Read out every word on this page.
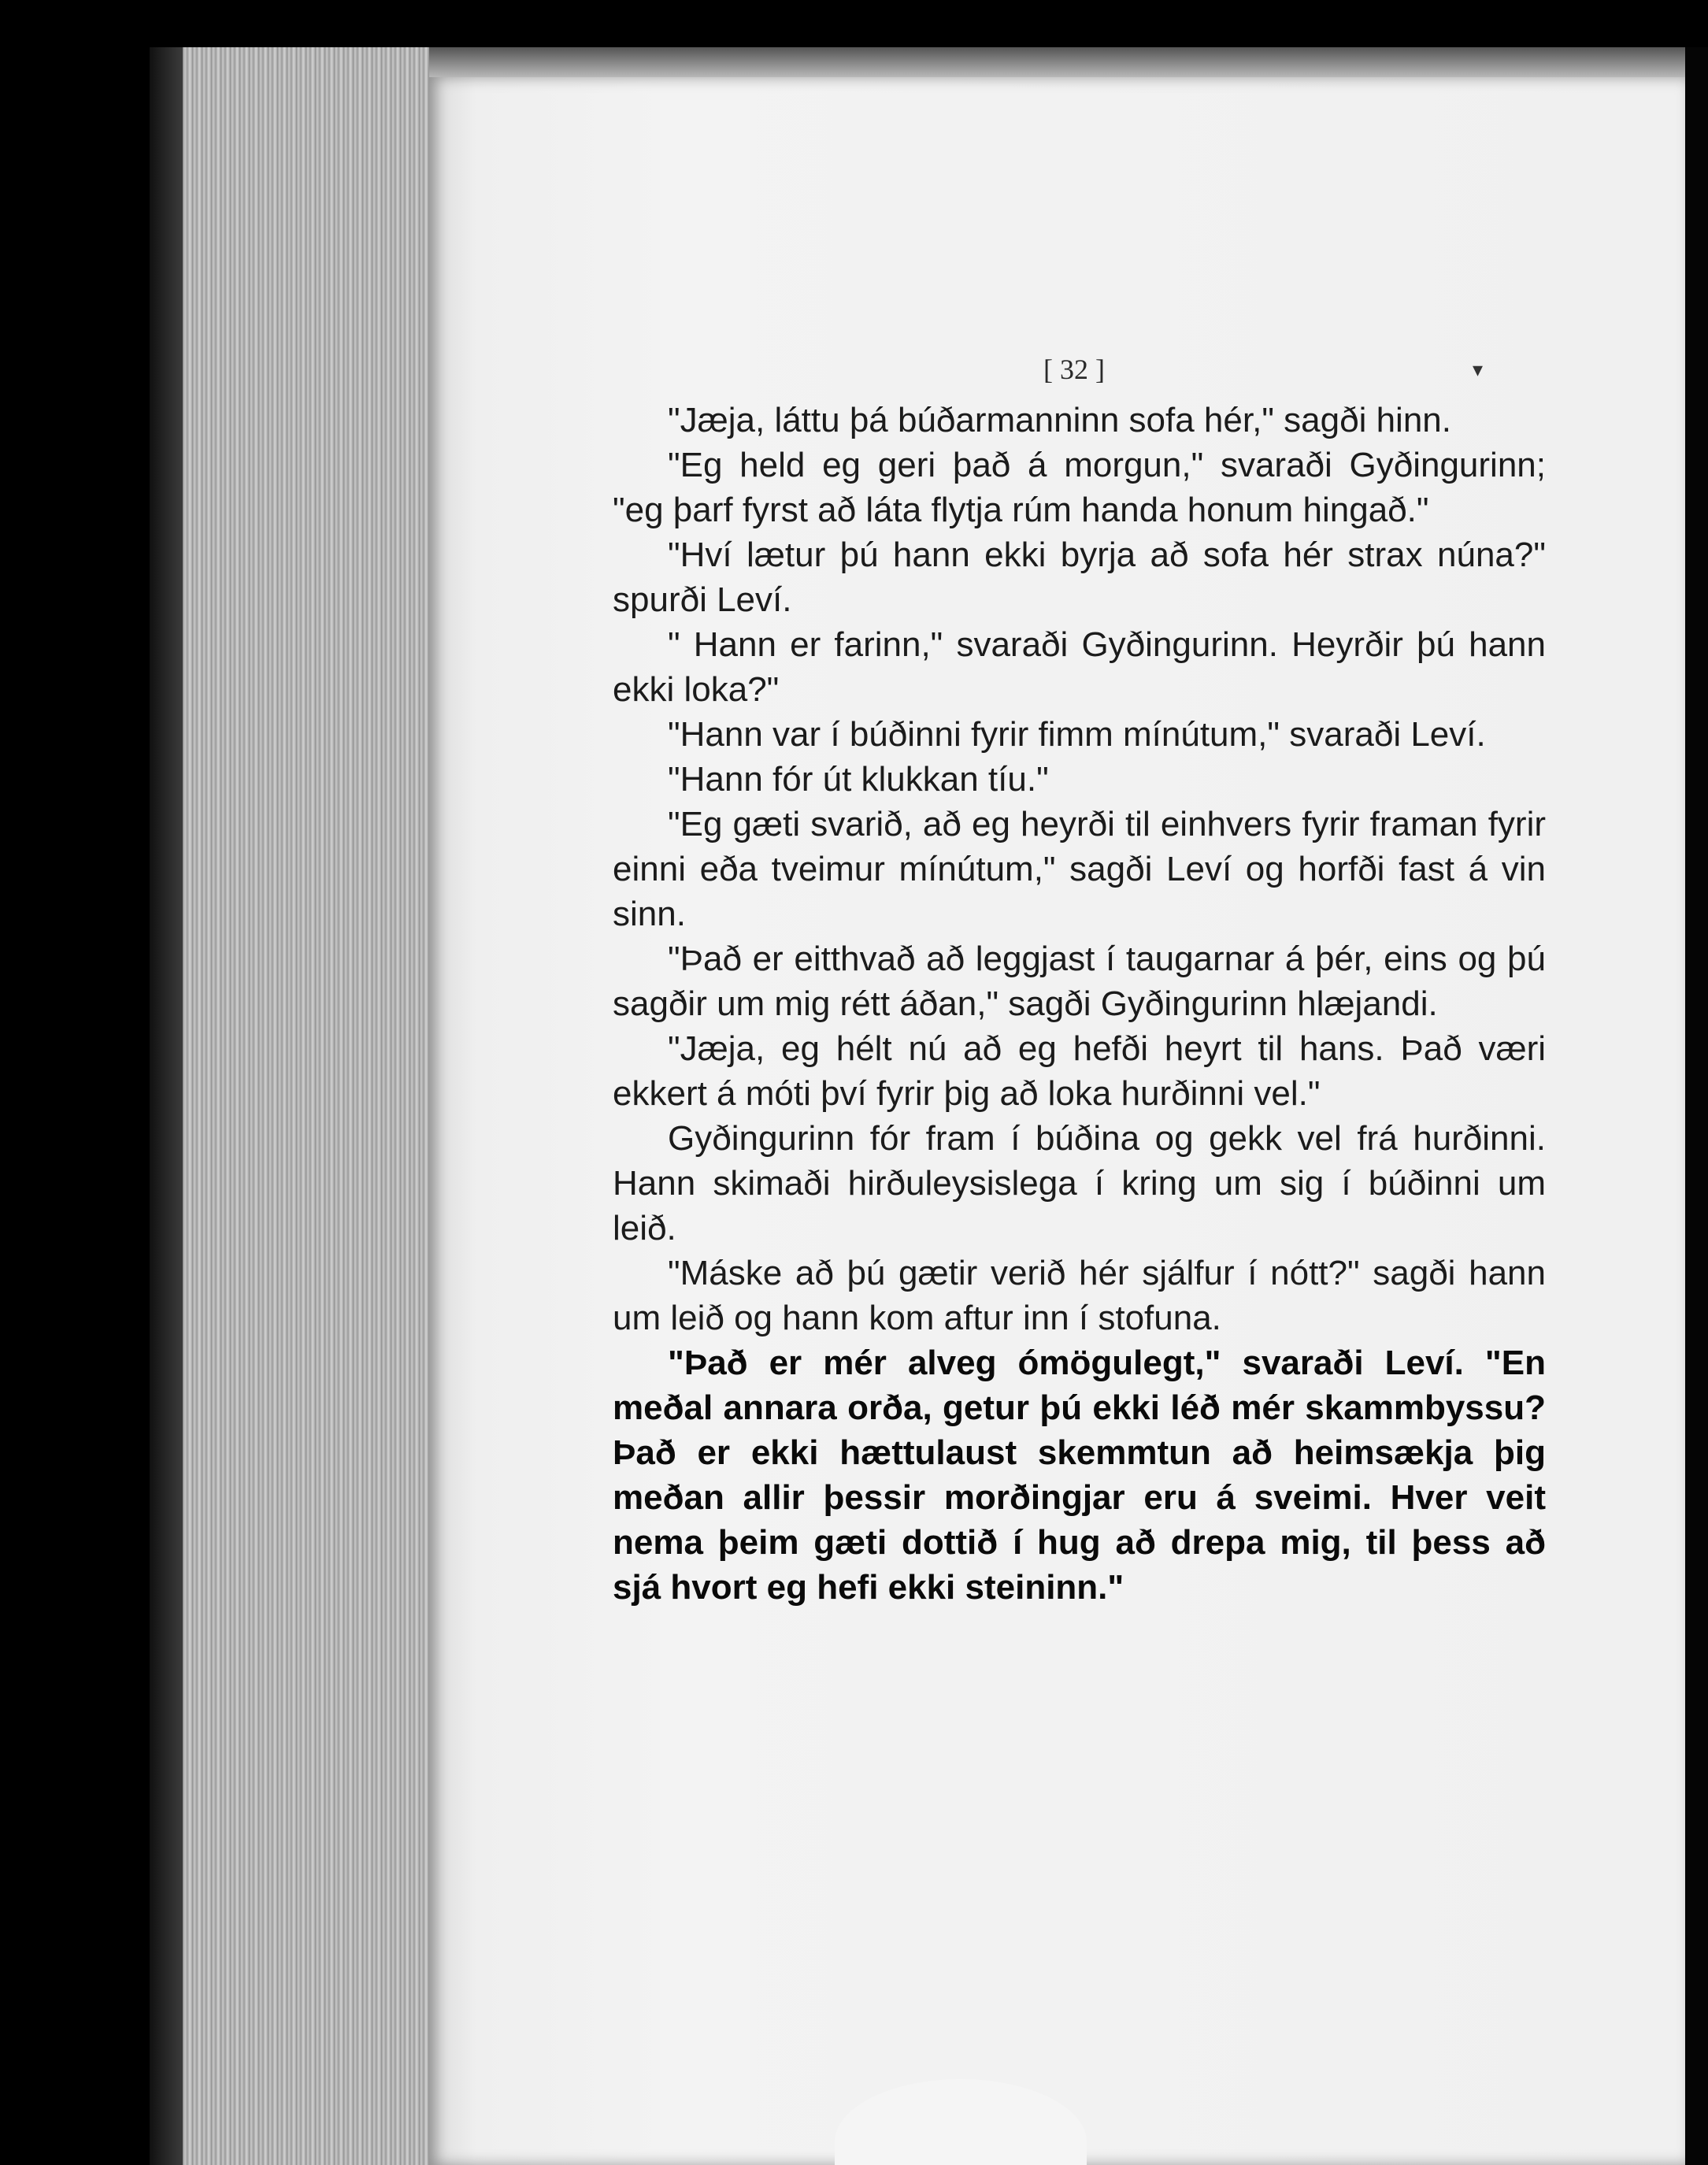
[ 32 ]	▾

"Jæja, láttu þá búðarmanninn sofa hér," sagði hinn.

"Eg held eg geri það á morgun," svaraði Gyðingurinn; "eg þarf fyrst að láta flytja rúm handa honum hingað."

"Hví lætur þú hann ekki byrja að sofa hér strax núna?" spurði Leví.

" Hann er farinn," svaraði Gyðingurinn. Heyrðir þú hann ekki loka?"

"Hann var í búðinni fyrir fimm mínútum," svaraði Leví.

"Hann fór út klukkan tíu."

"Eg gæti svarið, að eg heyrði til einhvers fyrir framan fyrir einni eða tveimur mínútum," sagði Leví og horfði fast á vin sinn.

"Það er eitthvað að leggjast í taugarnar á þér, eins og þú sagðir um mig rétt áðan," sagði Gyðingurinn hlæjandi.

"Jæja, eg hélt nú að eg hefði heyrt til hans. Það væri ekkert á móti því fyrir þig að loka hurðinni vel."

Gyðingurinn fór fram í búðina og gekk vel frá hurðinni. Hann skimaði hirðuleysislega í kring um sig í búðinni um leið.

"Máske að þú gætir verið hér sjálfur í nótt?" sagði hann um leið og hann kom aftur inn í stofuna.

"Það er mér alveg ómögulegt," svaraði Leví. "En meðal annara orða, getur þú ekki léð mér skammbyssu? Það er ekki hættulaust skemmtun að heimsækja þig meðan allir þessir morðingjar eru á sveimi. Hver veit nema þeim gæti dottið í hug að drepa mig, til þess að sjá hvort eg hefi ekki steininn."
